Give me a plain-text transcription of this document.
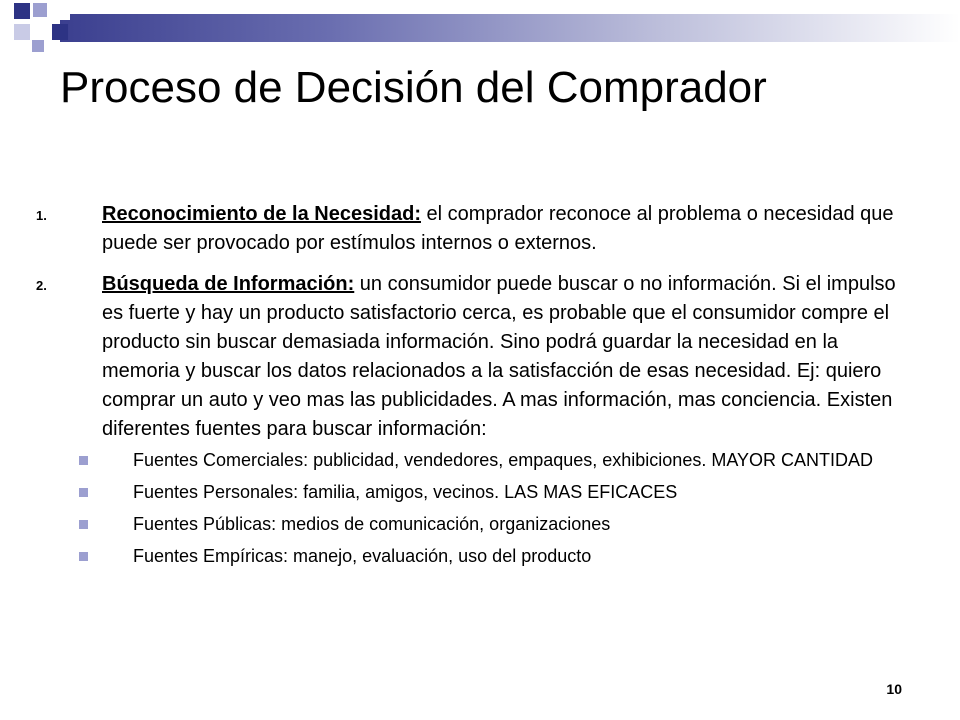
Proceso de Decisión del Comprador
1.	Reconocimiento de la Necesidad: el comprador reconoce al problema o necesidad que puede ser provocado por estímulos internos o externos.
2.	Búsqueda de Información: un consumidor puede buscar o no información. Si el impulso es fuerte y hay un producto satisfactorio cerca, es probable que el consumidor compre el producto sin buscar demasiada información. Sino podrá guardar la necesidad en la memoria y buscar los datos relacionados a la satisfacción de esas necesidad. Ej: quiero comprar un auto y veo mas las publicidades. A mas información, mas conciencia. Existen diferentes fuentes para buscar información:
Fuentes Comerciales: publicidad, vendedores, empaques, exhibiciones. MAYOR CANTIDAD
Fuentes Personales: familia, amigos, vecinos. LAS MAS EFICACES
Fuentes Públicas: medios de comunicación, organizaciones
Fuentes Empíricas: manejo, evaluación, uso del producto
10
